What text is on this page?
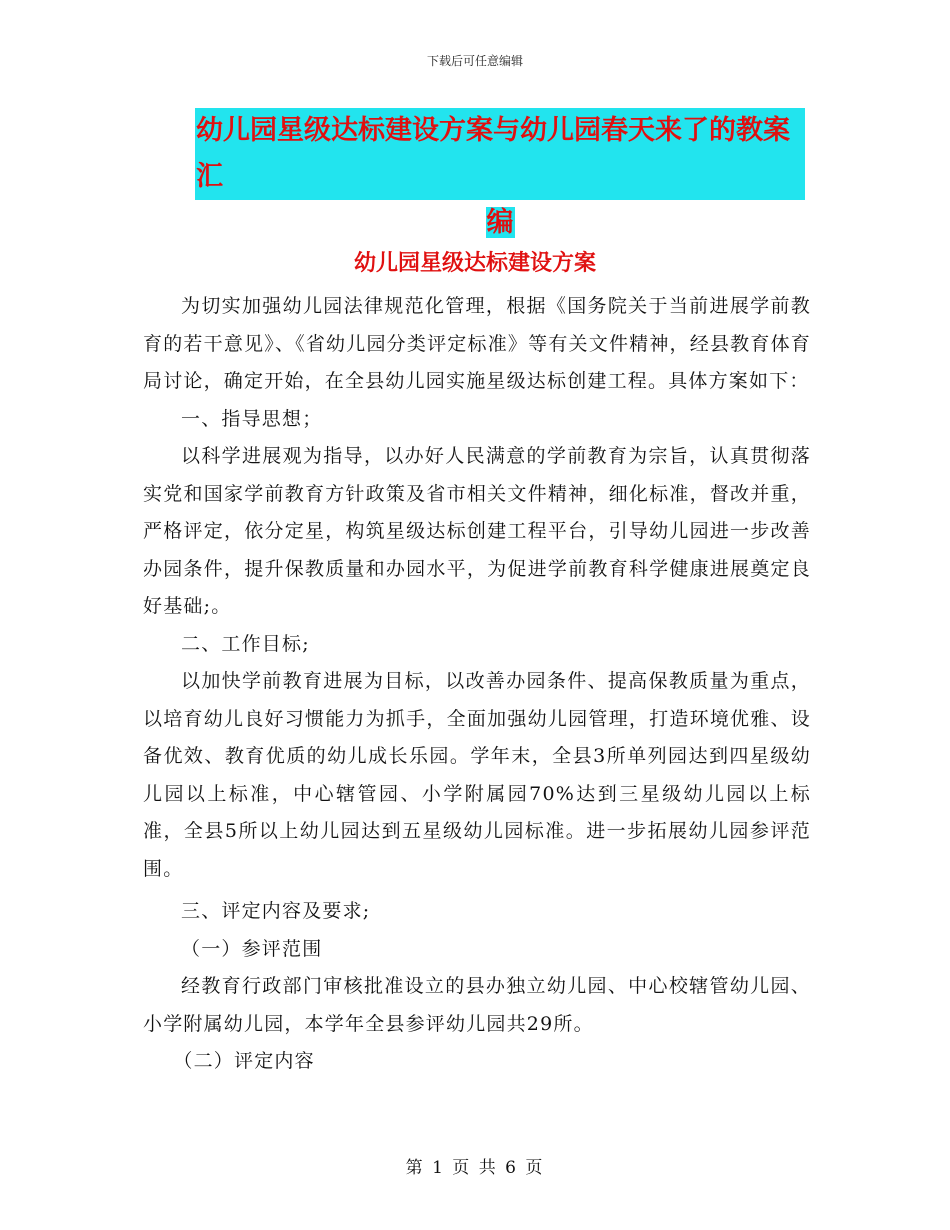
下载后可任意编辑
幼儿园星级达标建设方案与幼儿园春天来了的教案汇
编
幼儿园星级达标建设方案

为切实加强幼儿园法律规范化管理，根据《国务院关于当前进展学前教育的若干意见》、《省幼儿园分类评定标准》等有关文件精神，经县教育体育局讨论，确定开始，在全县幼儿园实施星级达标创建工程。具体方案如下：

一、指导思想；

以科学进展观为指导，以办好人民满意的学前教育为宗旨，认真贯彻落实党和国家学前教育方针政策及省市相关文件精神，细化标准，督改并重，严格评定，依分定星，构筑星级达标创建工程平台，引导幼儿园进一步改善办园条件，提升保教质量和办园水平，为促进学前教育科学健康进展奠定良好基础;。

二、工作目标;

以加快学前教育进展为目标，以改善办园条件、提高保教质量为重点，以培育幼儿良好习惯能力为抓手，全面加强幼儿园管理，打造环境优雅、设备优效、教育优质的幼儿成长乐园。学年末，全县3所单列园达到四星级幼儿园以上标准，中心辖管园、小学附属园70%达到三星级幼儿园以上标准，全县5所以上幼儿园达到五星级幼儿园标准。进一步拓展幼儿园参评范围。

三、评定内容及要求;

（一）参评范围

经教育行政部门审核批准设立的县办独立幼儿园、中心校辖管幼儿园、小学附属幼儿园，本学年全县参评幼儿园共29所。

（二）评定内容

第 1 页 共 6 页
